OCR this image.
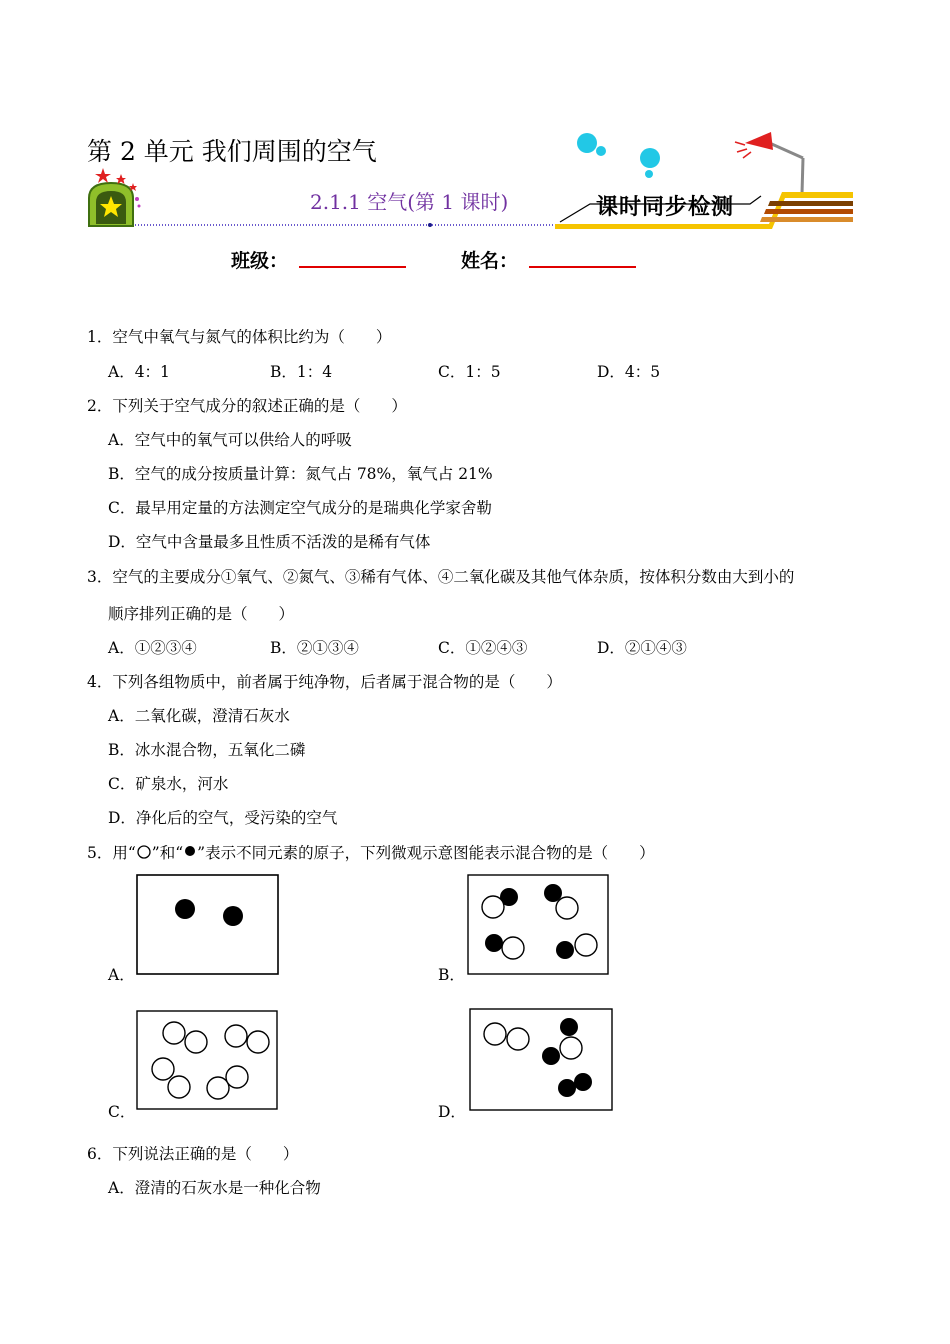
第 2 单元 我们周围的空气
2.1.1 空气(第 1 课时)	课时同步检测
班级：	姓名：
1．空气中氧气与氮气的体积比约为（　　）
A．4：1	B．1：4	C．1：5	D．4：5
2．下列关于空气成分的叙述正确的是（　　）
A．空气中的氧气可以供给人的呼吸
B．空气的成分按质量计算：氮气占 78%，氧气占 21%
C．最早用定量的方法测定空气成分的是瑞典化学家舍勒
D．空气中含量最多且性质不活泼的是稀有气体
3．空气的主要成分①氧气、②氮气、③稀有气体、④二氧化碳及其他气体杂质，按体积分数由大到小的
顺序排列正确的是（　　）
A．①②③④	B．②①③④	C．①②④③	D．②①④③
4．下列各组物质中，前者属于纯净物，后者属于混合物的是（　　）
A．二氧化碳，澄清石灰水
B．冰水混合物，五氧化二磷
C．矿泉水，河水
D．净化后的空气，受污染的空气
5．用“ ”和“ ”表示不同元素的原子，下列微观示意图能表示混合物的是（　　）
A．	B．
C．	D．
6．下列说法正确的是（　　）
A．澄清的石灰水是一种化合物
